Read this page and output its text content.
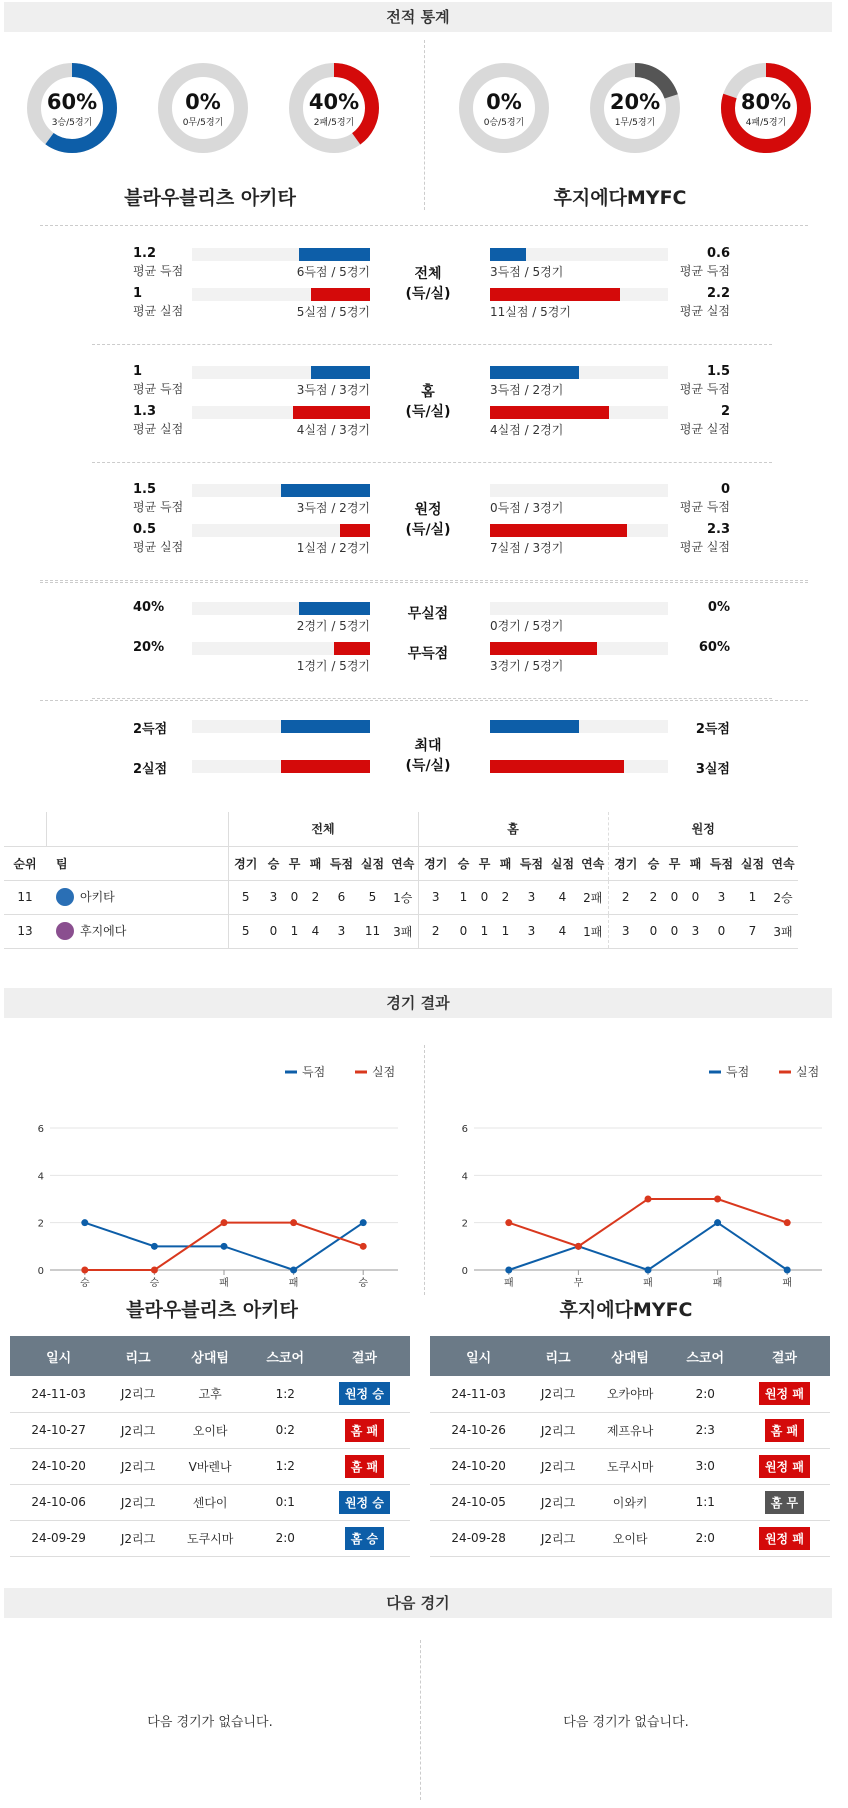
전적 통계
60%
3승/5경기
0%
0무/5경기
40%
2패/5경기
0%
0승/5경기
20%
1무/5경기
80%
4패/5경기
블라우블리츠 아키타	후지에다MYFC
1.2
평균 득점	6득점 / 5경기	3득점 / 5경기
0.6
평균 득점
1
평균 실점	5실점 / 5경기	11실점 / 5경기
2.2
평균 실점
전체
(득/실)
1
평균 득점	3득점 / 3경기	3득점 / 2경기
1.5
평균 득점
1.3
평균 실점	4실점 / 3경기	4실점 / 2경기
2
평균 실점
홈
(득/실)
1.5
평균 득점	3득점 / 2경기	0득점 / 3경기
0
평균 득점
0.5
평균 실점	1실점 / 2경기	7실점 / 3경기
2.3
평균 실점
원정
(득/실)
40%
2경기 / 5경기	0경기 / 5경기
0%
20%
1경기 / 5경기	3경기 / 5경기
60%
무실점
무득점
2득점	2득점
2실점	3실점
최대
(득/실)
		전체							홈							원정						
순위	팀	경기	승	무	패	득점	실점	연속	경기	승	무	패	득점	실점	연속	경기	승	무	패	득점	실점	연속
11	아키타	5	3	0	2	6	5	1승	3	1	0	2	3	4	2패	2	2	0	0	3	1	2승
13	후지에다	5	0	1	4	3	11	3패	2	0	1	1	3	4	1패	3	0	0	3	0	7	3패
경기 결과
득점	실점
0
2
4
6
승	승	패	패	승
득점	실점
0
2
4
6
패	무	패	패	패
블라우블리츠 아키타	후지에다MYFC
일시	리그	상대팀	스코어	결과
24-11-03	J2리그	고후	1:2	원정 승
24-10-27	J2리그	오이타	0:2	홈 패
24-10-20	J2리그	V바렌나	1:2	홈 패
24-10-06	J2리그	센다이	0:1	원정 승
24-09-29	J2리그	도쿠시마	2:0	홈 승
일시	리그	상대팀	스코어	결과
24-11-03	J2리그	오카야마	2:0	원정 패
24-10-26	J2리그	제프유나	2:3	홈 패
24-10-20	J2리그	도쿠시마	3:0	원정 패
24-10-05	J2리그	이와키	1:1	홈 무
24-09-28	J2리그	오이타	2:0	원정 패
다음 경기
다음 경기가 없습니다.	다음 경기가 없습니다.
